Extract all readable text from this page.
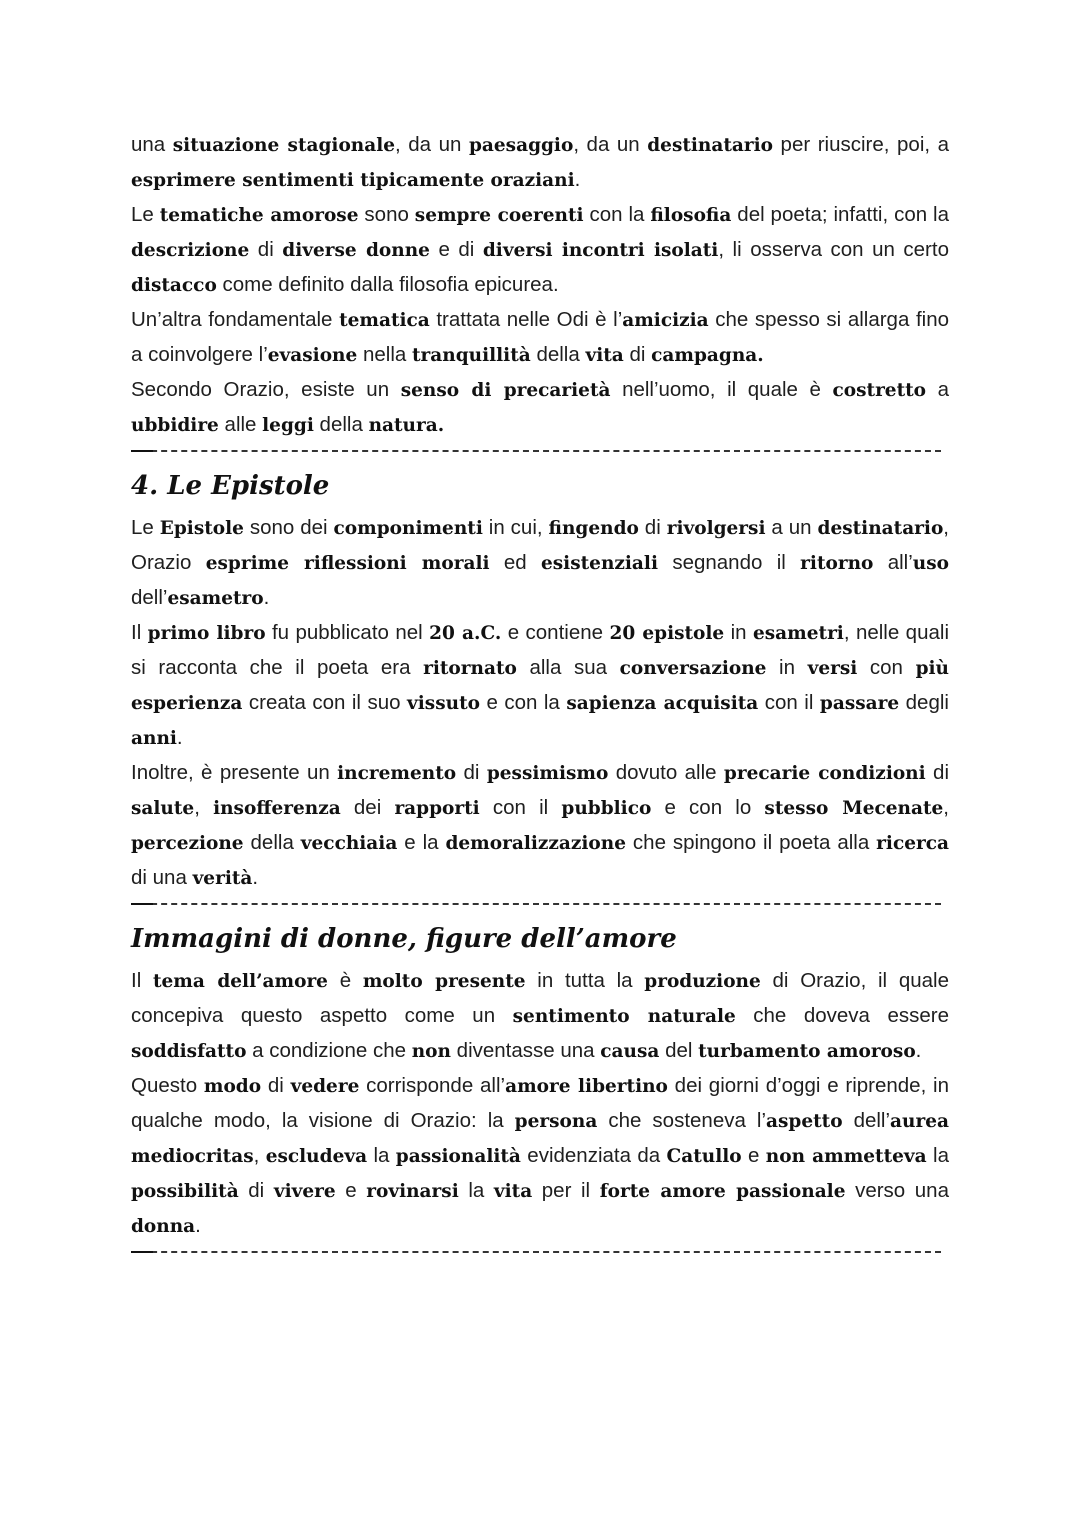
una situazione stagionale, da un paesaggio, da un destinatario per riuscire, poi, a esprimere sentimenti tipicamente oraziani.

Le tematiche amorose sono sempre coerenti con la filosofia del poeta; infatti, con la descrizione di diverse donne e di diversi incontri isolati, li osserva con un certo distacco come definito dalla filosofia epicurea.

Un’altra fondamentale tematica trattata nelle Odi è l’amicizia che spesso si allarga fino a coinvolgere l’evasione nella tranquillità della vita di campagna.

Secondo Orazio, esiste un senso di precarietà nell’uomo, il quale è costretto a ubbidire alle leggi della natura.

4. Le Epistole

Le Epistole sono dei componimenti in cui, fingendo di rivolgersi a un destinatario, Orazio esprime riflessioni morali ed esistenziali segnando il ritorno all’uso dell’esametro.

Il primo libro fu pubblicato nel 20 a.C. e contiene 20 epistole in esametri, nelle quali si racconta che il poeta era ritornato alla sua conversazione in versi con più esperienza creata con il suo vissuto e con la sapienza acquisita con il passare degli anni.

Inoltre, è presente un incremento di pessimismo dovuto alle precarie condizioni di salute, insofferenza dei rapporti con il pubblico e con lo stesso Mecenate, percezione della vecchiaia e la demoralizzazione che spingono il poeta alla ricerca di una verità.

Immagini di donne, figure dell’amore

Il tema dell’amore è molto presente in tutta la produzione di Orazio, il quale concepiva questo aspetto come un sentimento naturale che doveva essere soddisfatto a condizione che non diventasse una causa del turbamento amoroso.

Questo modo di vedere corrisponde all’amore libertino dei giorni d’oggi e riprende, in qualche modo, la visione di Orazio: la persona che sosteneva l’aspetto dell’aurea mediocritas, escludeva la passionalità evidenziata da Catullo e non ammetteva la possibilità di vivere e rovinarsi la vita per il forte amore passionale verso una donna.
